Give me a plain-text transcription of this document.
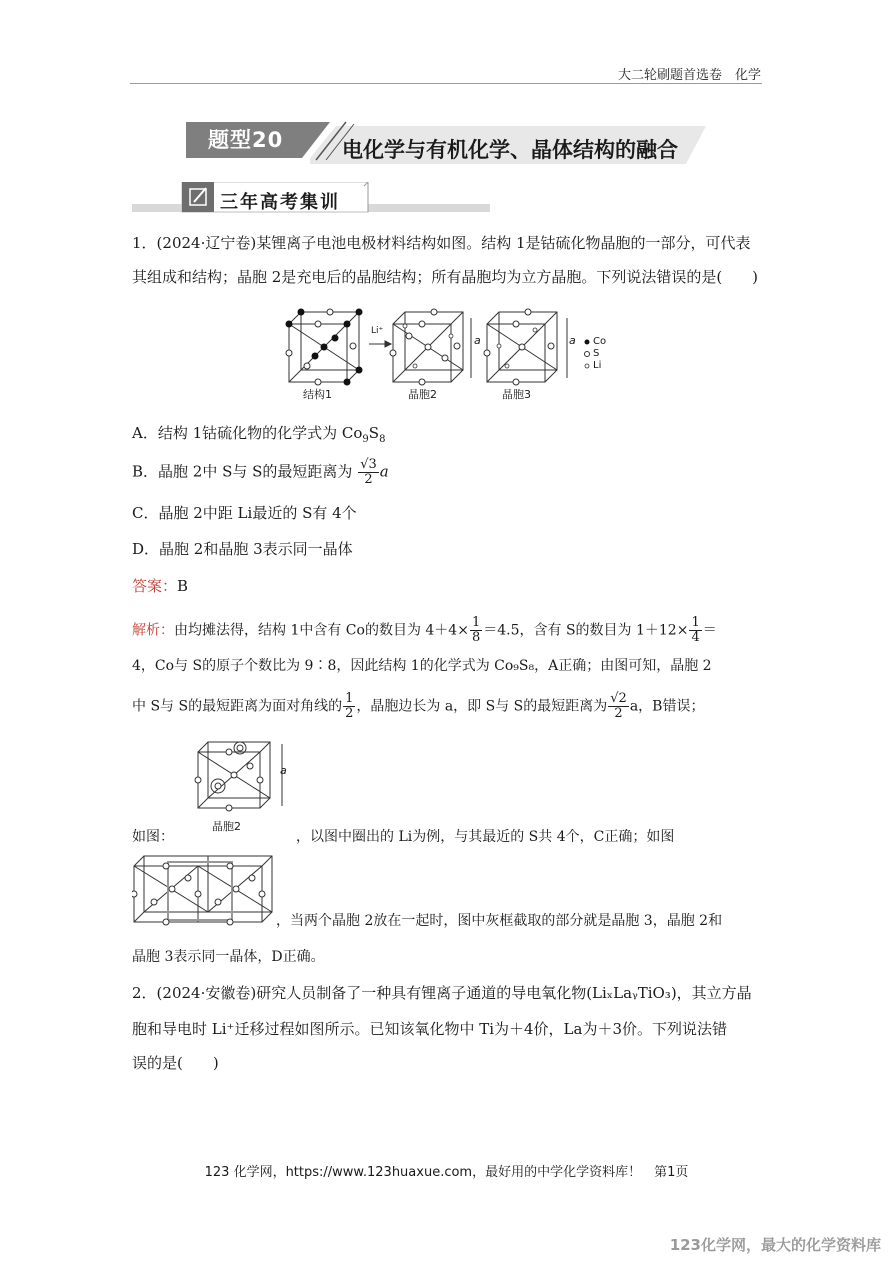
大二轮刷题首选卷　化学
题型20	电化学与有机化学、晶体结构的融合
三年高考集训
1．(2024·辽宁卷)某锂离子电池电极材料结构如图。结构 1是钴硫化物晶胞的一部分，可代表
其组成和结构；晶胞 2是充电后的晶胞结构；所有晶胞均为立方晶胞。下列说法错误的是(　　)
Li⁺
结构1	晶胞2	晶胞3
a	a Co
S
Li
A．结构 1钴硫化物的化学式为 $Co_9S_8$
B．晶胞 2中 S与 S的最短距离为 $\frac{√3}{2}$ a
C．晶胞 2中距 Li最近的 S有 4个
D．晶胞 2和晶胞 3表示同一晶体
答案：B
解析：由均摊法得，结构 1中含有 Co的数目为 $4+4\times \frac{1}{8} =4.5$，含有 S的数目为 $1+12\times \frac{1}{4}$ ＝
4，Co与 S的原子个数比为 9∶8，因此结构 1的化学式为 Co₉S₈，A正确；由图可知，晶胞 2
中 S与 S的最短距离为面对角线的 $\frac{1}{2}$ ，晶胞边长为 a，即 S与 S的最短距离为 $\frac{√2}{2}$ a，B错误；
a
晶胞2
如图：	，以图中圈出的 Li为例，与其最近的 S共 4个，C正确；如图
，当两个晶胞 2放在一起时，图中灰框截取的部分就是晶胞 3，晶胞 2和
晶胞 3表示同一晶体，D正确。
2．(2024·安徽卷)研究人员制备了一种具有锂离子通道的导电氧化物(LiₓLaᵧTiO₃)，其立方晶
胞和导电时 Li⁺迁移过程如图所示。已知该氧化物中 Ti为＋4价，La为＋3价。下列说法错
误的是(　　)
123 化学网，https://www.123huaxue.com，最好用的中学化学资料库！　第1页
123化学网，最大的化学资料库
